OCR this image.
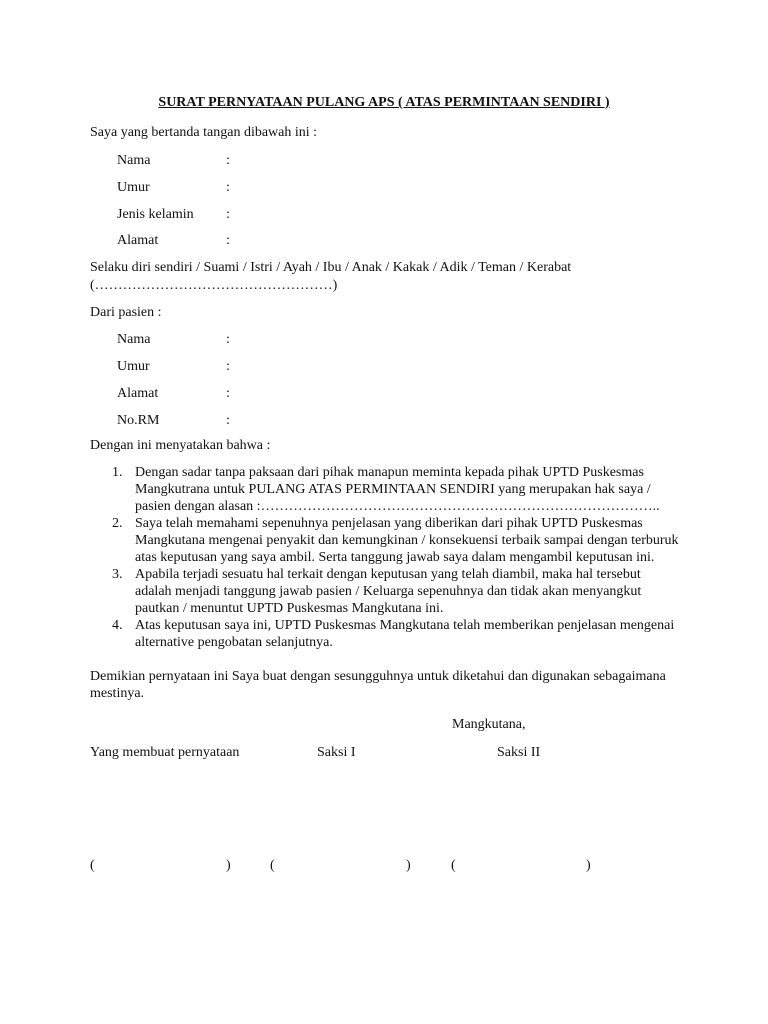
SURAT PERNYATAAN PULANG APS ( ATAS PERMINTAAN SENDIRI )
Saya yang bertanda tangan dibawah ini :
Nama	:
Umur	:
Jenis kelamin :
Alamat	:
Selaku diri sendiri / Suami / Istri / Ayah / Ibu / Anak / Kakak / Adik / Teman / Kerabat
(……………………………………………)
Dari pasien :
Nama	:
Umur	:
Alamat	:
No.RM	:
Dengan ini menyatakan bahwa :
1. Dengan sadar tanpa paksaan dari pihak manapun meminta kepada pihak UPTD Puskesmas Mangkutrana untuk PULANG ATAS PERMINTAAN SENDIRI yang merupakan hak saya / pasien dengan alasan :…………………………………………………………………………..
2. Saya telah memahami sepenuhnya penjelasan yang diberikan dari pihak UPTD Puskesmas Mangkutana mengenai penyakit dan kemungkinan / konsekuensi terbaik sampai dengan terburuk atas keputusan yang saya ambil. Serta tanggung jawab saya dalam mengambil keputusan ini.
3. Apabila terjadi sesuatu hal terkait dengan keputusan yang telah diambil, maka hal tersebut adalah menjadi tanggung jawab pasien / Keluarga sepenuhnya dan tidak akan menyangkut pautkan / menuntut UPTD Puskesmas Mangkutana ini.
4. Atas keputusan saya ini, UPTD Puskesmas Mangkutana telah memberikan penjelasan mengenai alternative pengobatan selanjutnya.
Demikian pernyataan ini Saya buat dengan sesungguhnya untuk diketahui dan digunakan sebagaimana mestinya.
Mangkutana,
Yang membuat pernyataan	Saksi I	Saksi II
(	)	(	)	(	)
